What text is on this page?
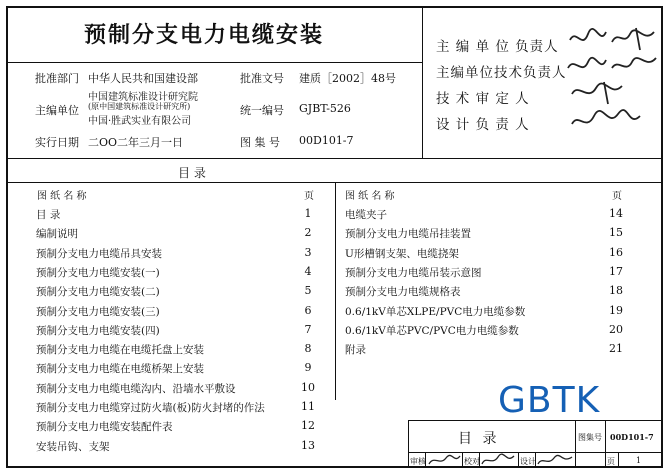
预制分支电力电缆安装
批准部门 中华人民共和国建设部	批准文号 建质［2002］48号
主编单位
中国建筑标准设计研究院
(原中国建筑标准设计研究所)
中国·胜武实业有限公司
统一编号 GJBT-526
实行日期 二OO二年三月一日	图 集 号 00D101-7
主 编 单 位 负责人
主编单位技术负责人
技 术 审 定 人
设 计 负 责 人
目 录
图 纸 名 称	页	图 纸 名 称	页
目 录	1
编制说明	2
预制分支电力电缆吊具安装	3
预制分支电力电缆安装(一)	4
预制分支电力电缆安装(二)	5
预制分支电力电缆安装(三)	6
预制分支电力电缆安装(四)	7
预制分支电力电缆在电缆托盘上安装	8
预制分支电力电缆在电缆桥架上安装	9
预制分支电力电缆电缆沟内、沿墙水平敷设	10
预制分支电力电缆穿过防火墙(板)防火封堵的作法	11
预制分支电力电缆安装配件表	12
安装吊钩、支架	13
电缆夹子	14
预制分支电力电缆吊挂装置	15
U形槽钢支架、电缆挠架	16
预制分支电力电缆吊装示意图	17
预制分支电力电缆规格表	18
0.6/1kV单芯XLPE/PVC电力电缆参数	19
0.6/1kV单芯PVC/PVC电力电缆参数	20
附录	21
GBTK
目 录	图集号 00D101-7
审核	校对	设计	页	1
